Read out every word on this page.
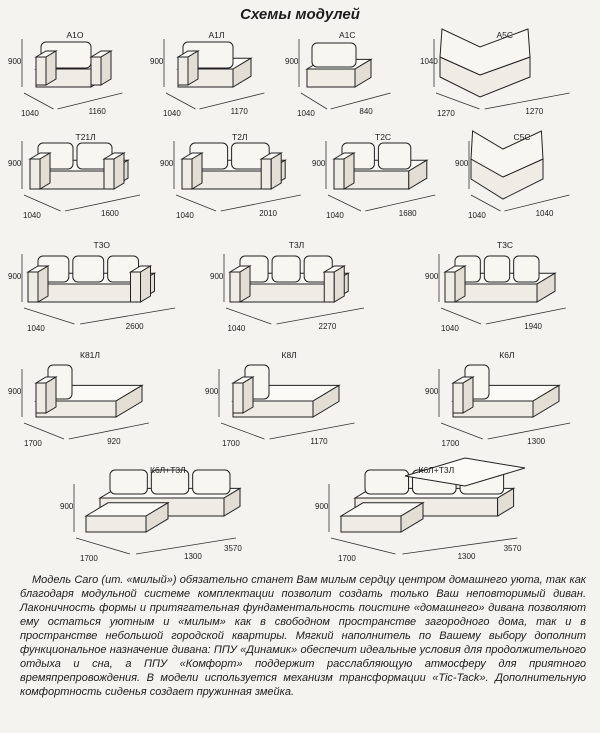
Схемы модулей
А1О
900
1040	1160
А1Л
900
1040	1170
А1С
900
1040	840
А5С
1040
1270	1270
Т21Л
900
1040	1600
Т2Л
900
1040	2010
Т2С
900
1040	1680
С5С
900
1040	1040
Т3О
900
1040	2600
Т3Л
900
1040	2270
Т3С
900
1040	1940
К81Л
900
1700	920
К8Л
900
1700	1170
К6Л
900
1700	1300
К6Л+Т3Л
900
1700	1300
3570
К6Л+Т3Л
900
1700	1300
3570

Модель Caro (ит. «милый») обязательно станет Вам милым сердцу центром домашнего уюта, так как благодаря модульной системе комплектации позволит создать только Ваш неповторимый диван. Лаконичность формы и притягательная фундаментальность поистине «домашнего» дивана позволяют ему остаться уютным и «милым» как в свободном пространстве загородного дома, так и в пространстве небольшой городской квартиры. Мягкий наполнитель по Вашему выбору дополнит функциональное назначение дивана: ППУ «Динамик» обеспечит идеальные условия для продолжительного отдыха и сна, а ППУ «Комфорт» поддержит расслабляющую атмосферу для приятного времяпрепровождения. В модели используется механизм трансформации «Tic-Tack». Дополнительную комфортность сиденья создает пружинная змейка.
